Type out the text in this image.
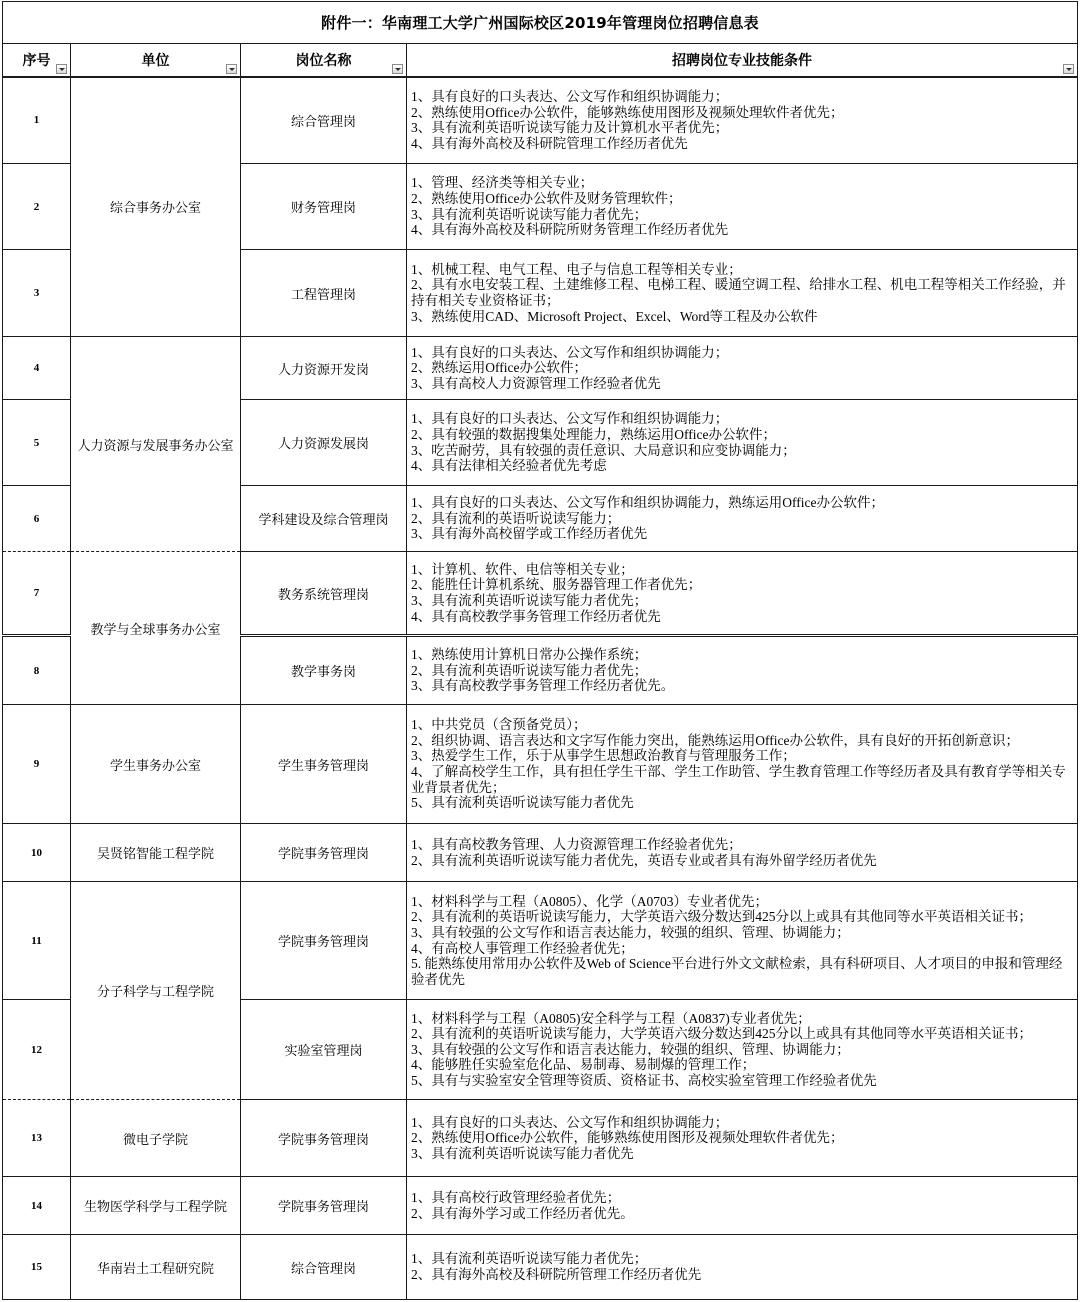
附件一：华南理工大学广州国际校区2019年管理岗位招聘信息表			
序号	单位	岗位名称	招聘岗位专业技能条件

1	综合事务办公室	综合管理岗	1、具有良好的口头表达、公文写作和组织协调能力；
2、熟练使用Office办公软件，能够熟练使用图形及视频处理软件者优先；
3、具有流利英语听说读写能力及计算机水平者优先；
4、具有海外高校及科研院管理工作经历者优先
2		财务管理岗	1、管理、经济类等相关专业；
2、熟练使用Office办公软件及财务管理软件；
3、具有流利英语听说读写能力者优先；
4、具有海外高校及科研院所财务管理工作经历者优先
3		工程管理岗	1、机械工程、电气工程、电子与信息工程等相关专业；
2、具有水电安装工程、土建维修工程、电梯工程、暖通空调工程、给排水工程、机电工程等相关工作经验，并持有相关专业资格证书；
3、熟练使用CAD、Microsoft Project、Excel、Word等工程及办公软件
4	人力资源与发展事务办公室	人力资源开发岗	1、具有良好的口头表达、公文写作和组织协调能力；
2、熟练运用Office办公软件；
3、具有高校人力资源管理工作经验者优先
5		人力资源发展岗	1、具有良好的口头表达、公文写作和组织协调能力；
2、具有较强的数据搜集处理能力，熟练运用Office办公软件；
3、吃苦耐劳，具有较强的责任意识、大局意识和应变协调能力；
4、具有法律相关经验者优先考虑
6		学科建设及综合管理岗	1、具有良好的口头表达、公文写作和组织协调能力，熟练运用Office办公软件；
2、具有流利的英语听说读写能力；
3、具有海外高校留学或工作经历者优先
7	教学与全球事务办公室	教务系统管理岗	1、计算机、软件、电信等相关专业；
2、能胜任计算机系统、服务器管理工作者优先；
3、具有流利英语听说读写能力者优先；
4、具有高校教学事务管理工作经历者优先
8		教学事务岗	1、熟练使用计算机日常办公操作系统；
2、具有流利英语听说读写能力者优先；
3、具有高校教学事务管理工作经历者优先。
9	学生事务办公室	学生事务管理岗	1、中共党员（含预备党员）；
2、组织协调、语言表达和文字写作能力突出，能熟练运用Office办公软件，具有良好的开拓创新意识；
3、热爱学生工作，乐于从事学生思想政治教育与管理服务工作；
4、了解高校学生工作，具有担任学生干部、学生工作助管、学生教育管理工作等经历者及具有教育学等相关专业背景者优先；
5、具有流利英语听说读写能力者优先
10	吴贤铭智能工程学院	学院事务管理岗	1、具有高校教务管理、人力资源管理工作经验者优先；
2、具有流利英语听说读写能力者优先，英语专业或者具有海外留学经历者优先
11	分子科学与工程学院	学院事务管理岗	1、材料科学与工程（A0805）、化学（A0703）专业者优先；
2、具有流利的英语听说读写能力，大学英语六级分数达到425分以上或具有其他同等水平英语相关证书；
3、具有较强的公文写作和语言表达能力，较强的组织、管理、协调能力；
4、有高校人事管理工作经验者优先；
5. 能熟练使用常用办公软件及Web of Science平台进行外文文献检索，具有科研项目、人才项目的申报和管理经验者优先
12		实验室管理岗	1、材料科学与工程（A0805)安全科学与工程（A0837)专业者优先；
2、具有流利的英语听说读写能力，大学英语六级分数达到425分以上或具有其他同等水平英语相关证书；
3、具有较强的公文写作和语言表达能力，较强的组织、管理、协调能力；
4、能够胜任实验室危化品、易制毒、易制爆的管理工作；
5、具有与实验室安全管理等资质、资格证书、高校实验室管理工作经验者优先
13	微电子学院	学院事务管理岗	1、具有良好的口头表达、公文写作和组织协调能力；
2、熟练使用Office办公软件，能够熟练使用图形及视频处理软件者优先；
3、具有流利英语听说读写能力者优先
14	生物医学科学与工程学院	学院事务管理岗	1、具有高校行政管理经验者优先；
2、具有海外学习或工作经历者优先。
15	华南岩土工程研究院	综合管理岗	1、具有流利英语听说读写能力者优先；
2、具有海外高校及科研院所管理工作经历者优先
